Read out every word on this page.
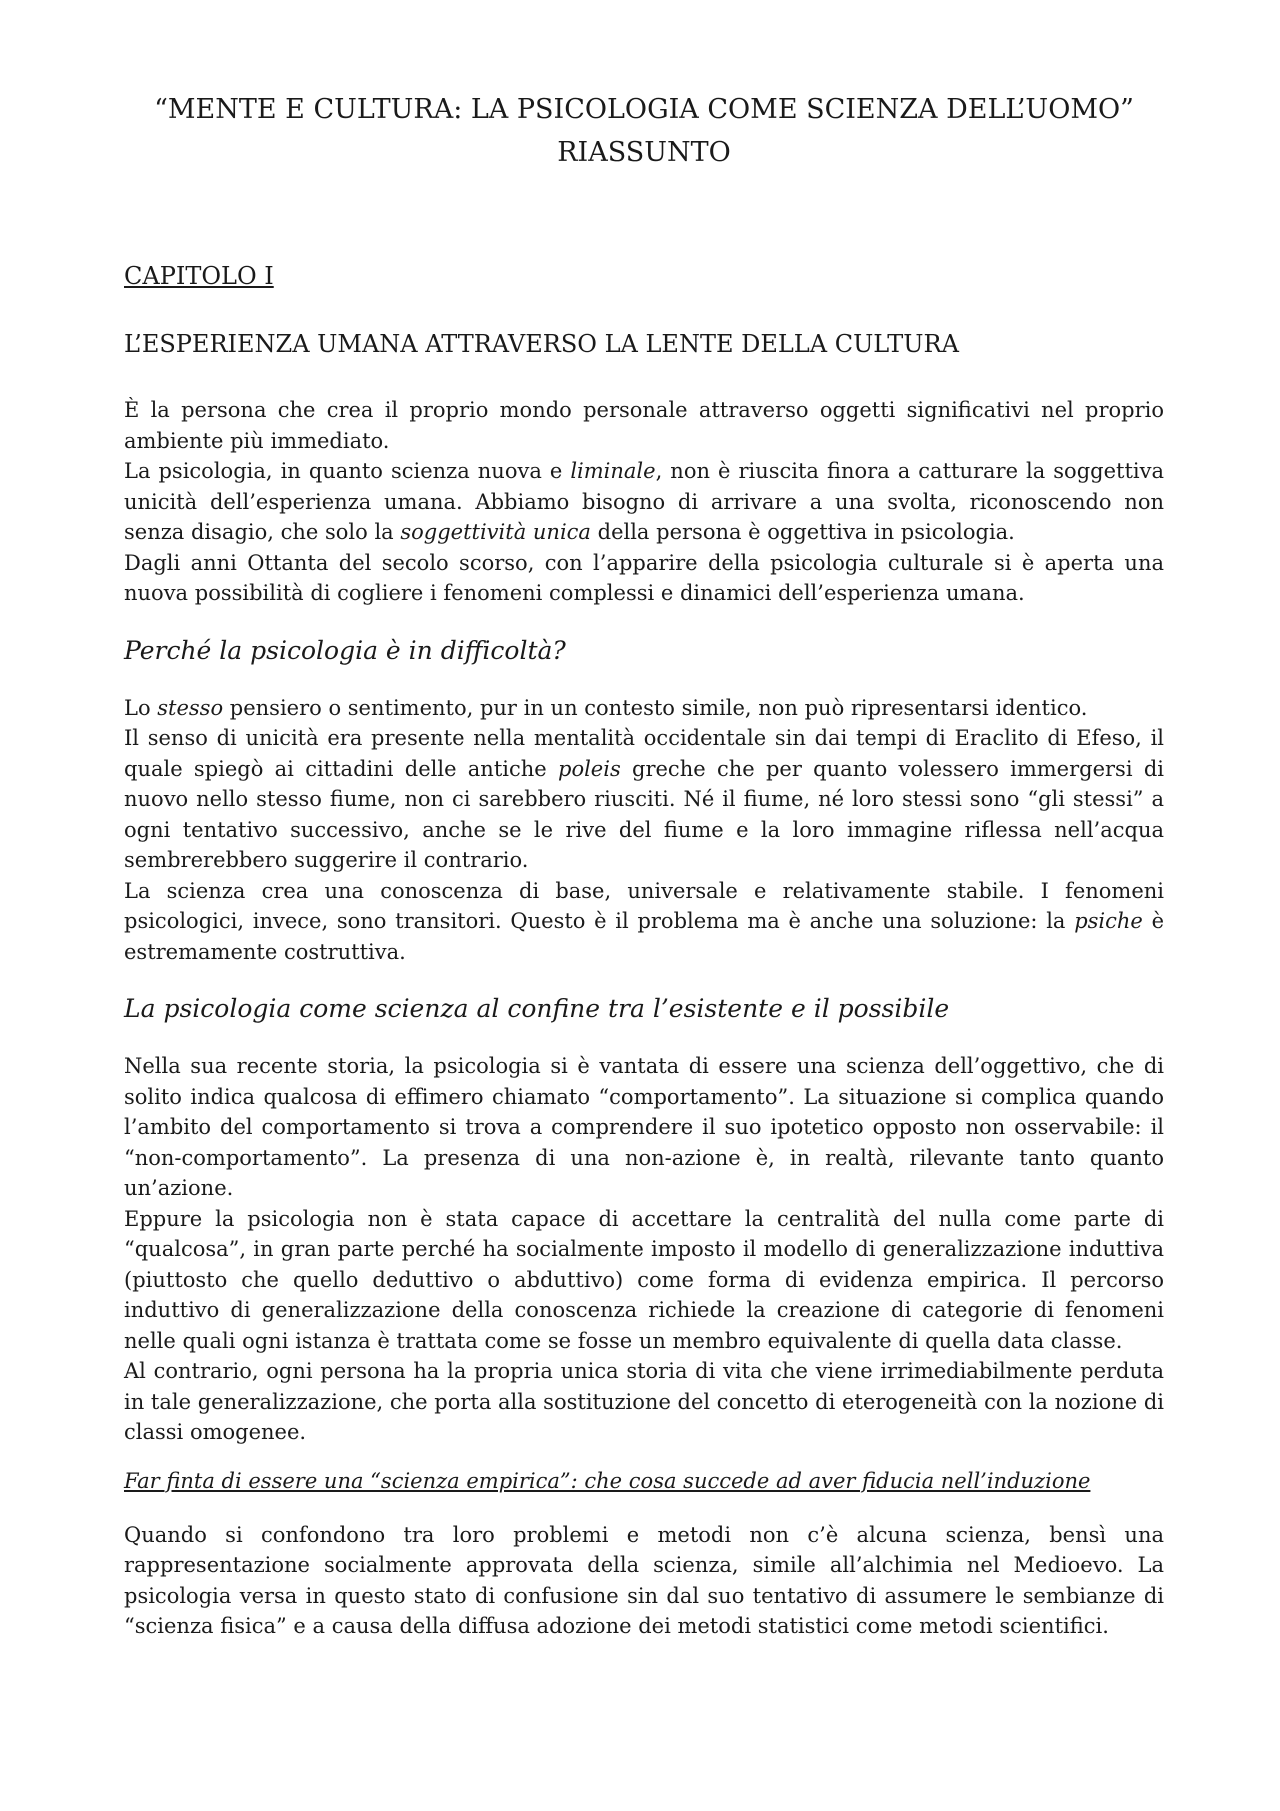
“MENTE E CULTURA: LA PSICOLOGIA COME SCIENZA DELL’UOMO”
RIASSUNTO
CAPITOLO I
L’ESPERIENZA UMANA ATTRAVERSO LA LENTE DELLA CULTURA

È la persona che crea il proprio mondo personale attraverso oggetti significativi nel proprio ambiente più immediato.

La psicologia, in quanto scienza nuova e liminale, non è riuscita finora a catturare la soggettiva unicità dell’esperienza umana. Abbiamo bisogno di arrivare a una svolta, riconoscendo non senza disagio, che solo la soggettività unica della persona è oggettiva in psicologia.

Dagli anni Ottanta del secolo scorso, con l’apparire della psicologia culturale si è aperta una nuova possibilità di cogliere i fenomeni complessi e dinamici dell’esperienza umana.

Perché la psicologia è in difficoltà?

Lo stesso pensiero o sentimento, pur in un contesto simile, non può ripresentarsi identico.

Il senso di unicità era presente nella mentalità occidentale sin dai tempi di Eraclito di Efeso, il quale spiegò ai cittadini delle antiche poleis greche che per quanto volessero immergersi di nuovo nello stesso fiume, non ci sarebbero riusciti. Né il fiume, né loro stessi sono “gli stessi” a ogni tentativo successivo, anche se le rive del fiume e la loro immagine riflessa nell’acqua sembrerebbero suggerire il contrario.

La scienza crea una conoscenza di base, universale e relativamente stabile. I fenomeni psicologici, invece, sono transitori. Questo è il problema ma è anche una soluzione: la psiche è estremamente costruttiva.

La psicologia come scienza al confine tra l’esistente e il possibile

Nella sua recente storia, la psicologia si è vantata di essere una scienza dell’oggettivo, che di solito indica qualcosa di effimero chiamato “comportamento”. La situazione si complica quando l’ambito del comportamento si trova a comprendere il suo ipotetico opposto non osservabile: il “non-comportamento”. La presenza di una non-azione è, in realtà, rilevante tanto quanto un’azione.

Eppure la psicologia non è stata capace di accettare la centralità del nulla come parte di “qualcosa”, in gran parte perché ha socialmente imposto il modello di generalizzazione induttiva (piuttosto che quello deduttivo o abduttivo) come forma di evidenza empirica. Il percorso induttivo di generalizzazione della conoscenza richiede la creazione di categorie di fenomeni nelle quali ogni istanza è trattata come se fosse un membro equivalente di quella data classe.

Al contrario, ogni persona ha la propria unica storia di vita che viene irrimediabilmente perduta in tale generalizzazione, che porta alla sostituzione del concetto di eterogeneità con la nozione di classi omogenee.

Far finta di essere una “scienza empirica”: che cosa succede ad aver fiducia nell’induzione

Quando si confondono tra loro problemi e metodi non c’è alcuna scienza, bensì una rappresentazione socialmente approvata della scienza, simile all’alchimia nel Medioevo. La psicologia versa in questo stato di confusione sin dal suo tentativo di assumere le sembianze di “scienza fisica” e a causa della diffusa adozione dei metodi statistici come metodi scientifici.
